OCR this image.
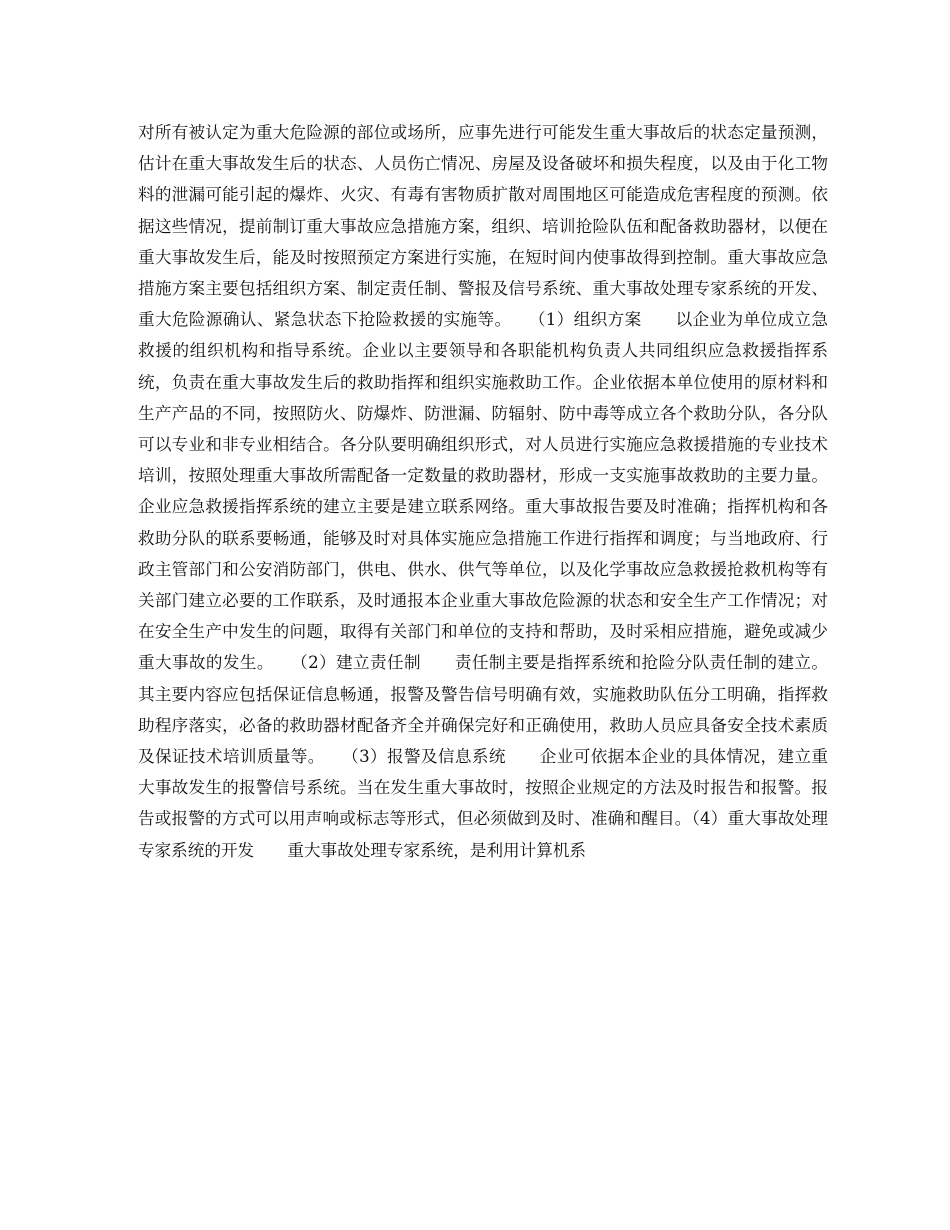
对所有被认定为重大危险源的部位或场所，应事先进行可能发生重大事故后的状态定量预测，估计在重大事故发生后的状态、人员伤亡情况、房屋及设备破坏和损失程度，以及由于化工物料的泄漏可能引起的爆炸、火灾、有毒有害物质扩散对周围地区可能造成危害程度的预测。依据这些情况，提前制订重大事故应急措施方案，组织、培训抢险队伍和配备救助器材，以便在重大事故发生后，能及时按照预定方案进行实施，在短时间内使事故得到控制。重大事故应急措施方案主要包括组织方案、制定责任制、警报及信号系统、重大事故处理专家系统的开发、重大危险源确认、紧急状态下抢险救援的实施等。　　（1）组织方案　　以企业为单位成立急救援的组织机构和指导系统。企业以主要领导和各职能机构负责人共同组织应急救援指挥系统，负责在重大事故发生后的救助指挥和组织实施救助工作。企业依据本单位使用的原材料和生产产品的不同，按照防火、防爆炸、防泄漏、防辐射、防中毒等成立各个救助分队，各分队可以专业和非专业相结合。各分队要明确组织形式，对人员进行实施应急救援措施的专业技术培训，按照处理重大事故所需配备一定数量的救助器材，形成一支实施事故救助的主要力量。企业应急救援指挥系统的建立主要是建立联系网络。重大事故报告要及时准确；指挥机构和各救助分队的联系要畅通，能够及时对具体实施应急措施工作进行指挥和调度；与当地政府、行政主管部门和公安消防部门，供电、供水、供气等单位，以及化学事故应急救援抢救机构等有关部门建立必要的工作联系，及时通报本企业重大事故危险源的状态和安全生产工作情况；对在安全生产中发生的问题，取得有关部门和单位的支持和帮助，及时采相应措施，避免或减少重大事故的发生。　　（2）建立责任制　　责任制主要是指挥系统和抢险分队责任制的建立。其主要内容应包括保证信息畅通，报警及警告信号明确有效，实施救助队伍分工明确，指挥救助程序落实，必备的救助器材配备齐全并确保完好和正确使用，救助人员应具备安全技术素质及保证技术培训质量等。　　（3）报警及信息系统　　企业可依据本企业的具体情况，建立重大事故发生的报警信号系统。当在发生重大事故时，按照企业规定的方法及时报告和报警。报告或报警的方式可以用声响或标志等形式，但必须做到及时、准确和醒目。（4）重大事故处理专家系统的开发　　重大事故处理专家系统，是利用计算机系
